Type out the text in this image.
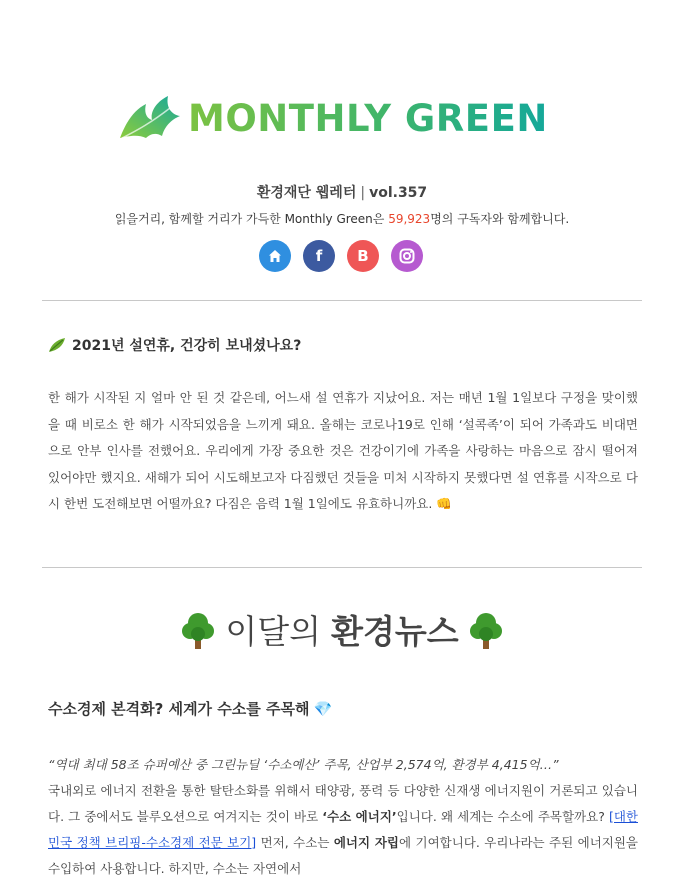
MONTHLY GREEN
환경재단 웹레터 | vol.357
읽을거리, 함께할 거리가 가득한 Monthly Green은 59,923명의 구독자와 함께합니다.
f B
2021년 설연휴, 건강히 보내셨나요?
한 해가 시작된 지 얼마 안 된 것 같은데, 어느새 설 연휴가 지났어요. 저는 매년 1월 1일보다 구정을 맞이했을 때 비로소 한 해가 시작되었음을 느끼게 돼요. 올해는 코로나19로 인해 ‘설콕족’이 되어 가족과도 비대면으로 안부 인사를 전했어요. 우리에게 가장 중요한 것은 건강이기에 가족을 사랑하는 마음으로 잠시 떨어져 있어야만 했지요. 새해가 되어 시도해보고자 다짐했던 것들을 미처 시작하지 못했다면 설 연휴를 시작으로 다시 한번 도전해보면 어떨까요? 다짐은 음력 1월 1일에도 유효하니까요. 👊
이달의 환경뉴스
수소경제 본격화? 세계가 수소를 주목해 💎
“역대 최대 58조 슈퍼예산 중 그린뉴딜 ‘수소예산’ 주목, 산업부 2,574억, 환경부 4,415억…”
국내외로 에너지 전환을 통한 탈탄소화를 위해서 태양광, 풍력 등 다양한 신재생 에너지원이 거론되고 있습니다. 그 중에서도 블루오션으로 여겨지는 것이 바로 ‘수소 에너지’입니다. 왜 세계는 수소에 주목할까요? [대한민국 정책 브리핑-수소경제 전문 보기] 먼저, 수소는 에너지 자립에 기여합니다. 우리나라는 주된 에너지원을 수입하여 사용합니다. 하지만, 수소는 자연에서
